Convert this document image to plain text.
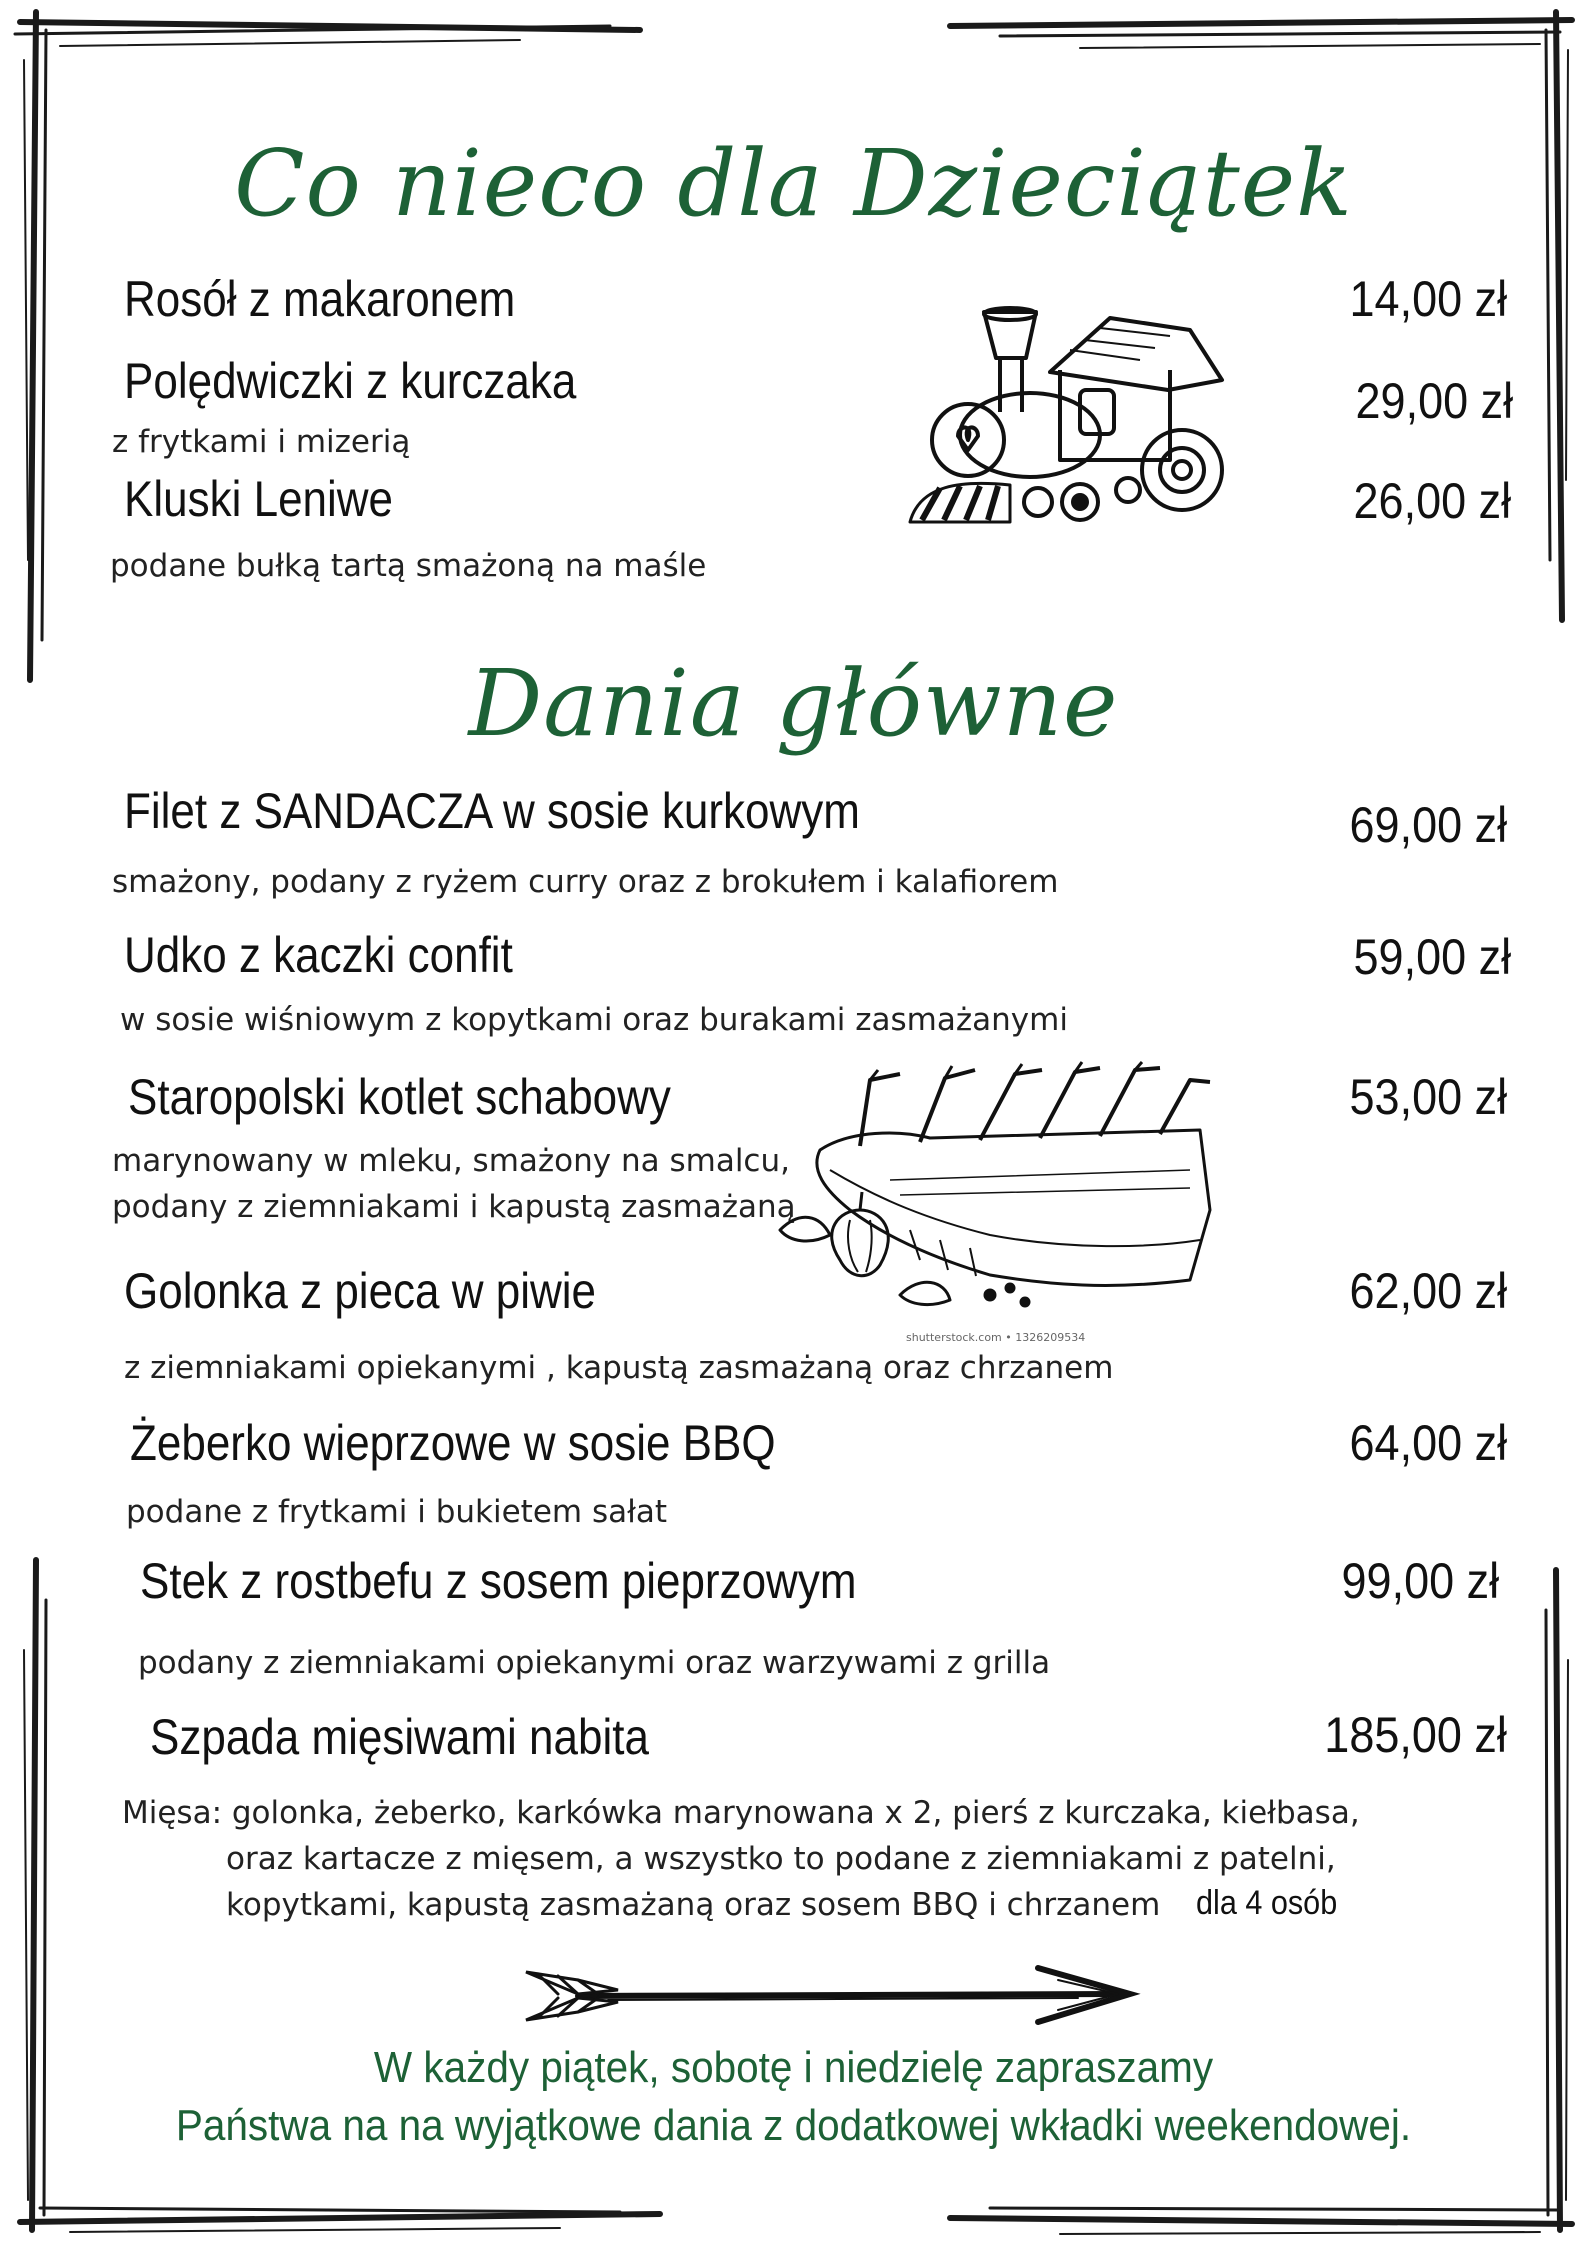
Co nieco dla Dzieciątek
Rosół z makaronem	14,00 zł
Polędwiczki z kurczaka
z frytkami i mizerią
29,00 zł
Kluski Leniwe
podane bułką tartą smażoną na maśle
26,00 zł
Dania główne
Filet z SANDACZA w sosie kurkowym
smażony, podany z ryżem curry oraz z brokułem i kalafiorem
69,00 zł
Udko z kaczki confit
w sosie wiśniowym z kopytkami oraz burakami zasmażanymi
59,00 zł
Staropolski kotlet schabowy
marynowany w mleku, smażony na smalcu,
podany z ziemniakami i kapustą zasmażaną
53,00 zł
shutterstock.com • 1326209534
Golonka z pieca w piwie
z ziemniakami opiekanymi , kapustą zasmażaną oraz chrzanem
62,00 zł
Żeberko wieprzowe w sosie BBQ
podane z frytkami i bukietem sałat
64,00 zł
Stek z rostbefu z sosem pieprzowym
podany z ziemniakami opiekanymi oraz warzywami z grilla
99,00 zł
Szpada mięsiwami nabita
Mięsa: golonka, żeberko, karkówka marynowana x 2, pierś z kurczaka, kiełbasa,
oraz kartacze z mięsem, a wszystko to podane z ziemniakami z patelni,
kopytkami, kapustą zasmażaną oraz sosem BBQ i chrzanem dla 4 osób
185,00 zł
W każdy piątek, sobotę i niedzielę zapraszamy
Państwa na na wyjątkowe dania z dodatkowej wkładki weekendowej.
